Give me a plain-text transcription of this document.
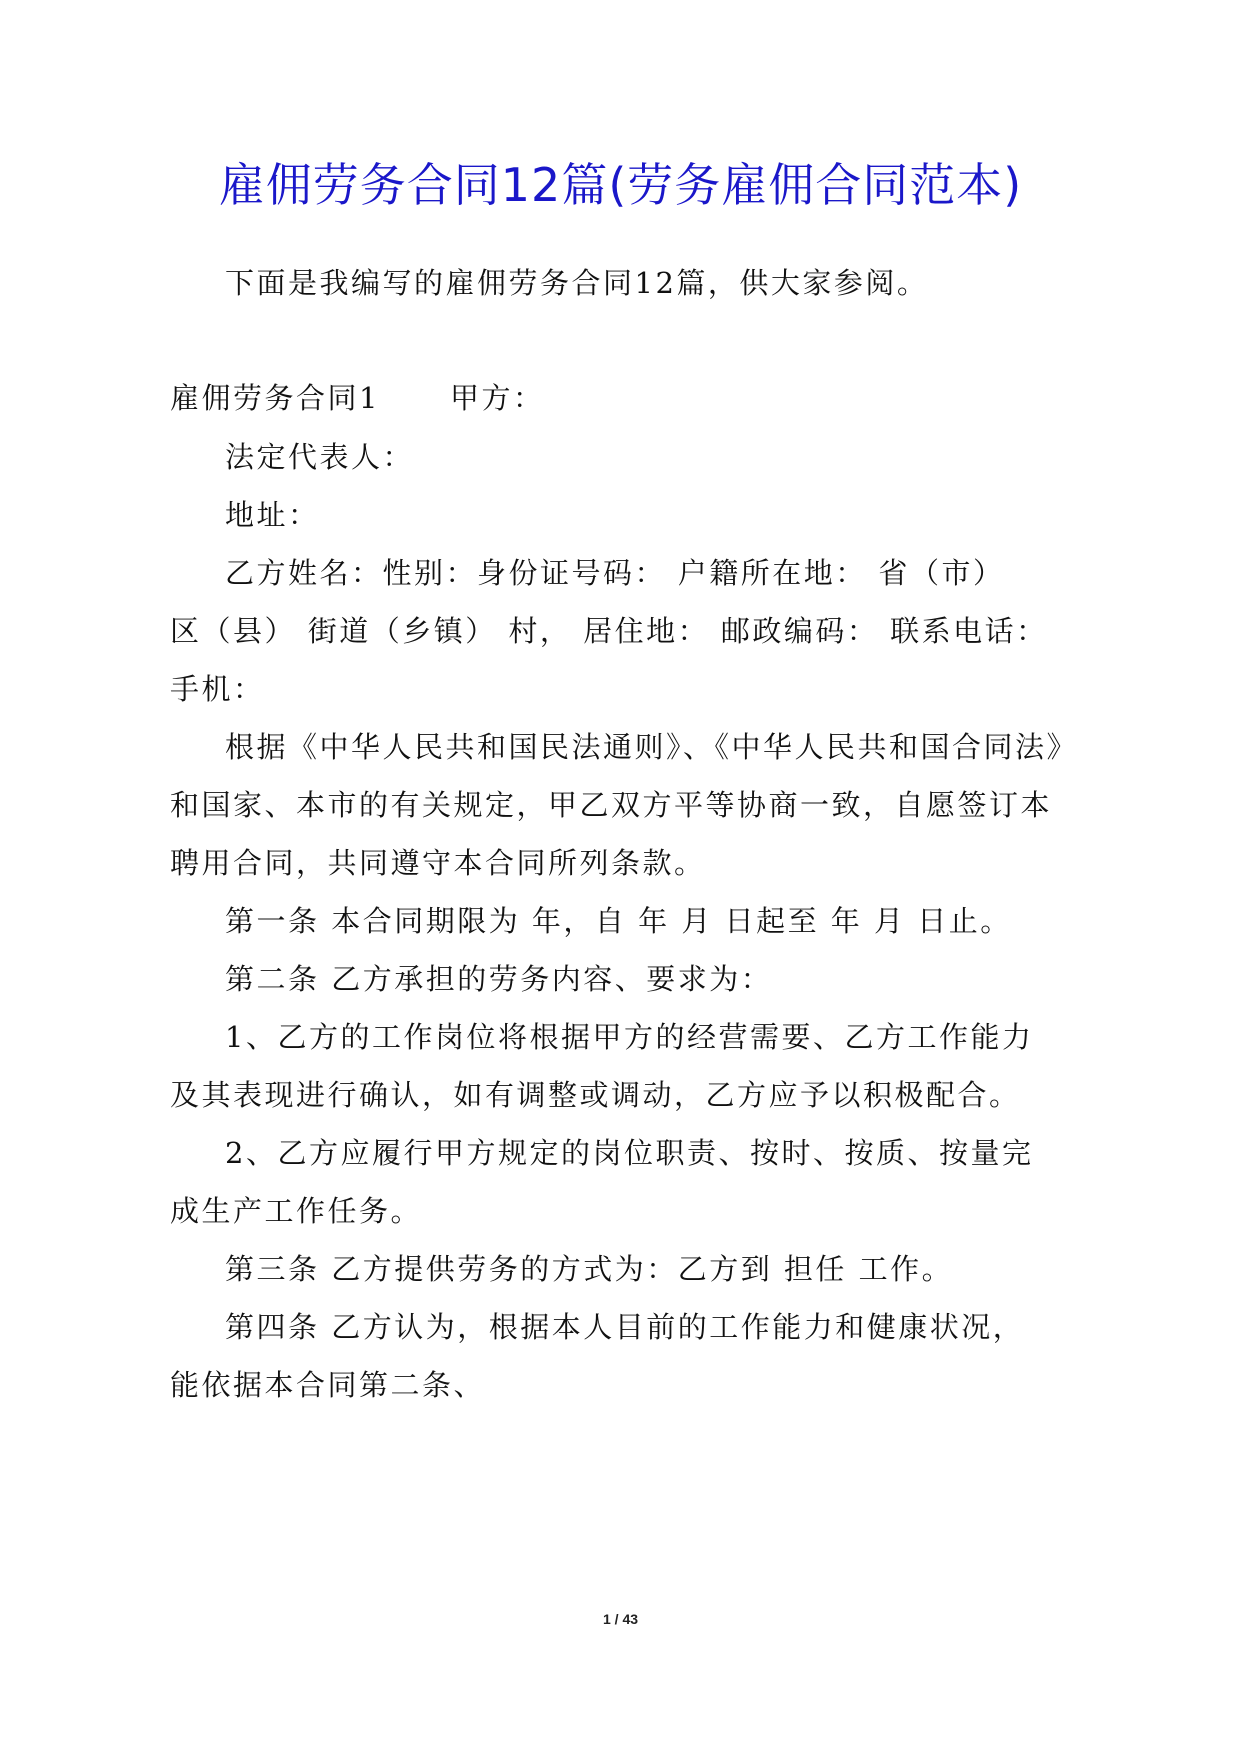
雇佣劳务合同12篇(劳务雇佣合同范本)
下面是我编写的雇佣劳务合同12篇，供大家参阅。
雇佣劳务合同1 甲方：
法定代表人：
地址：
乙方姓名：性别：身份证号码： 户籍所在地： 省（市）
区（县） 街道（乡镇） 村， 居住地： 邮政编码： 联系电话：
手机：
根据《中华人民共和国民法通则》、《中华人民共和国合同法》
和国家、本市的有关规定，甲乙双方平等协商一致，自愿签订本
聘用合同，共同遵守本合同所列条款。
第一条 本合同期限为 年，自 年 月 日起至 年 月 日止。
第二条 乙方承担的劳务内容、要求为：
1、乙方的工作岗位将根据甲方的经营需要、乙方工作能力
及其表现进行确认，如有调整或调动，乙方应予以积极配合。
2、乙方应履行甲方规定的岗位职责、按时、按质、按量完
成生产工作任务。
第三条 乙方提供劳务的方式为：乙方到 担任 工作。
第四条 乙方认为，根据本人目前的工作能力和健康状况，
能依据本合同第二条、
1 / 43
